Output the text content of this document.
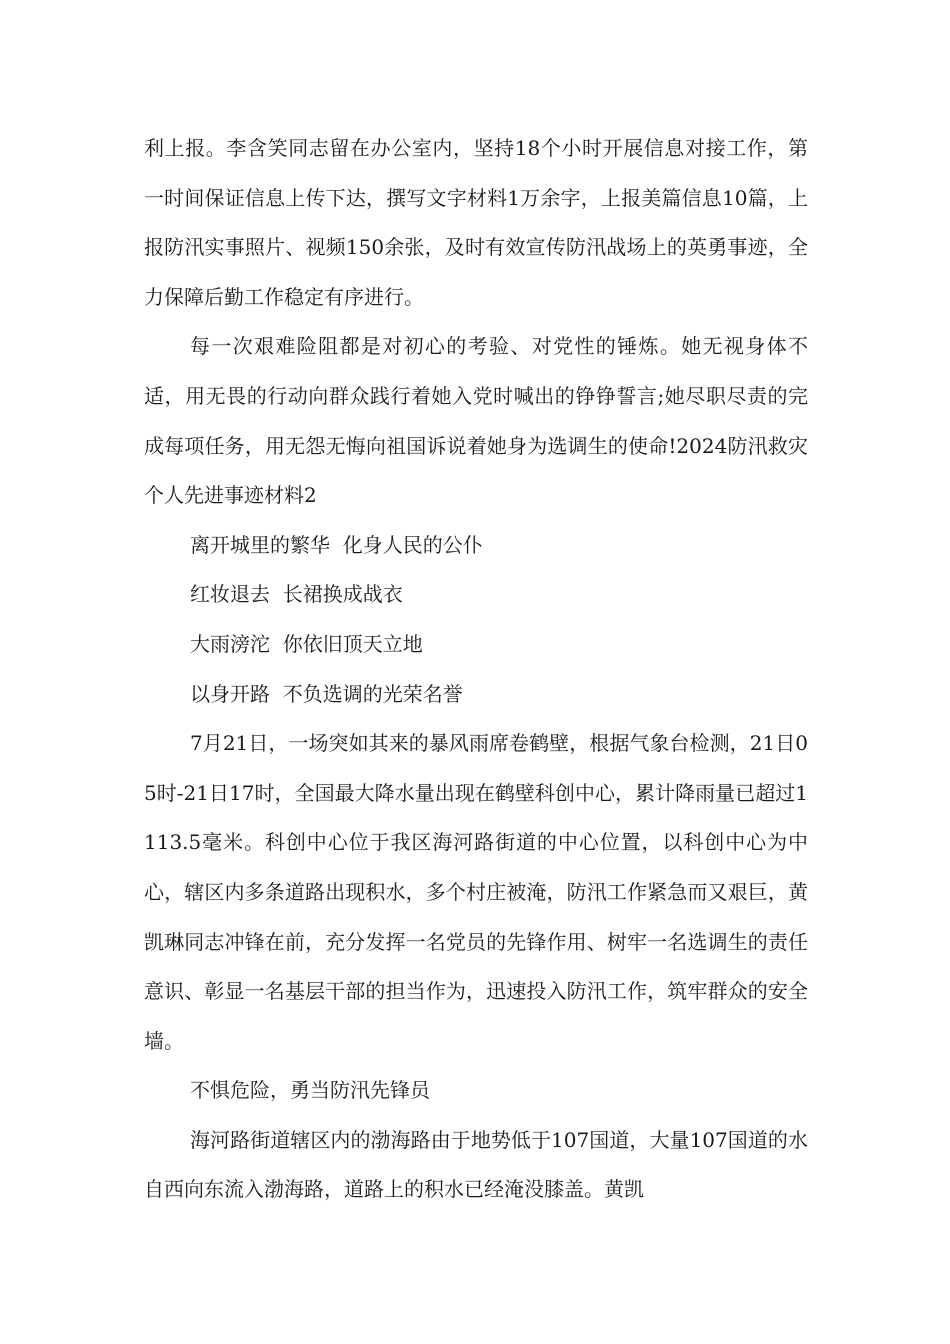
利上报。李含笑同志留在办公室内，坚持18个小时开展信息对接工作，第一时间保证信息上传下达，撰写文字材料1万余字，上报美篇信息10篇，上报防汛实事照片、视频150余张，及时有效宣传防汛战场上的英勇事迹，全力保障后勤工作稳定有序进行。

每一次艰难险阻都是对初心的考验、对党性的锤炼。她无视身体不适，用无畏的行动向群众践行着她入党时喊出的铮铮誓言;她尽职尽责的完成每项任务，用无怨无悔向祖国诉说着她身为选调生的使命!2024防汛救灾个人先进事迹材料2

离开城里的繁华  化身人民的公仆

红妆退去  长裙换成战衣

大雨滂沱  你依旧顶天立地

以身开路  不负选调的光荣名誉

7月21日，一场突如其来的暴风雨席卷鹤壁，根据气象台检测，21日05时-21日17时，全国最大降水量出现在鹤壁科创中心，累计降雨量已超过1113.5毫米。科创中心位于我区海河路街道的中心位置，以科创中心为中心，辖区内多条道路出现积水，多个村庄被淹，防汛工作紧急而又艰巨，黄凯琳同志冲锋在前，充分发挥一名党员的先锋作用、树牢一名选调生的责任意识、彰显一名基层干部的担当作为，迅速投入防汛工作，筑牢群众的安全墙。

不惧危险，勇当防汛先锋员

海河路街道辖区内的渤海路由于地势低于107国道，大量107国道的水自西向东流入渤海路，道路上的积水已经淹没膝盖。黄凯
